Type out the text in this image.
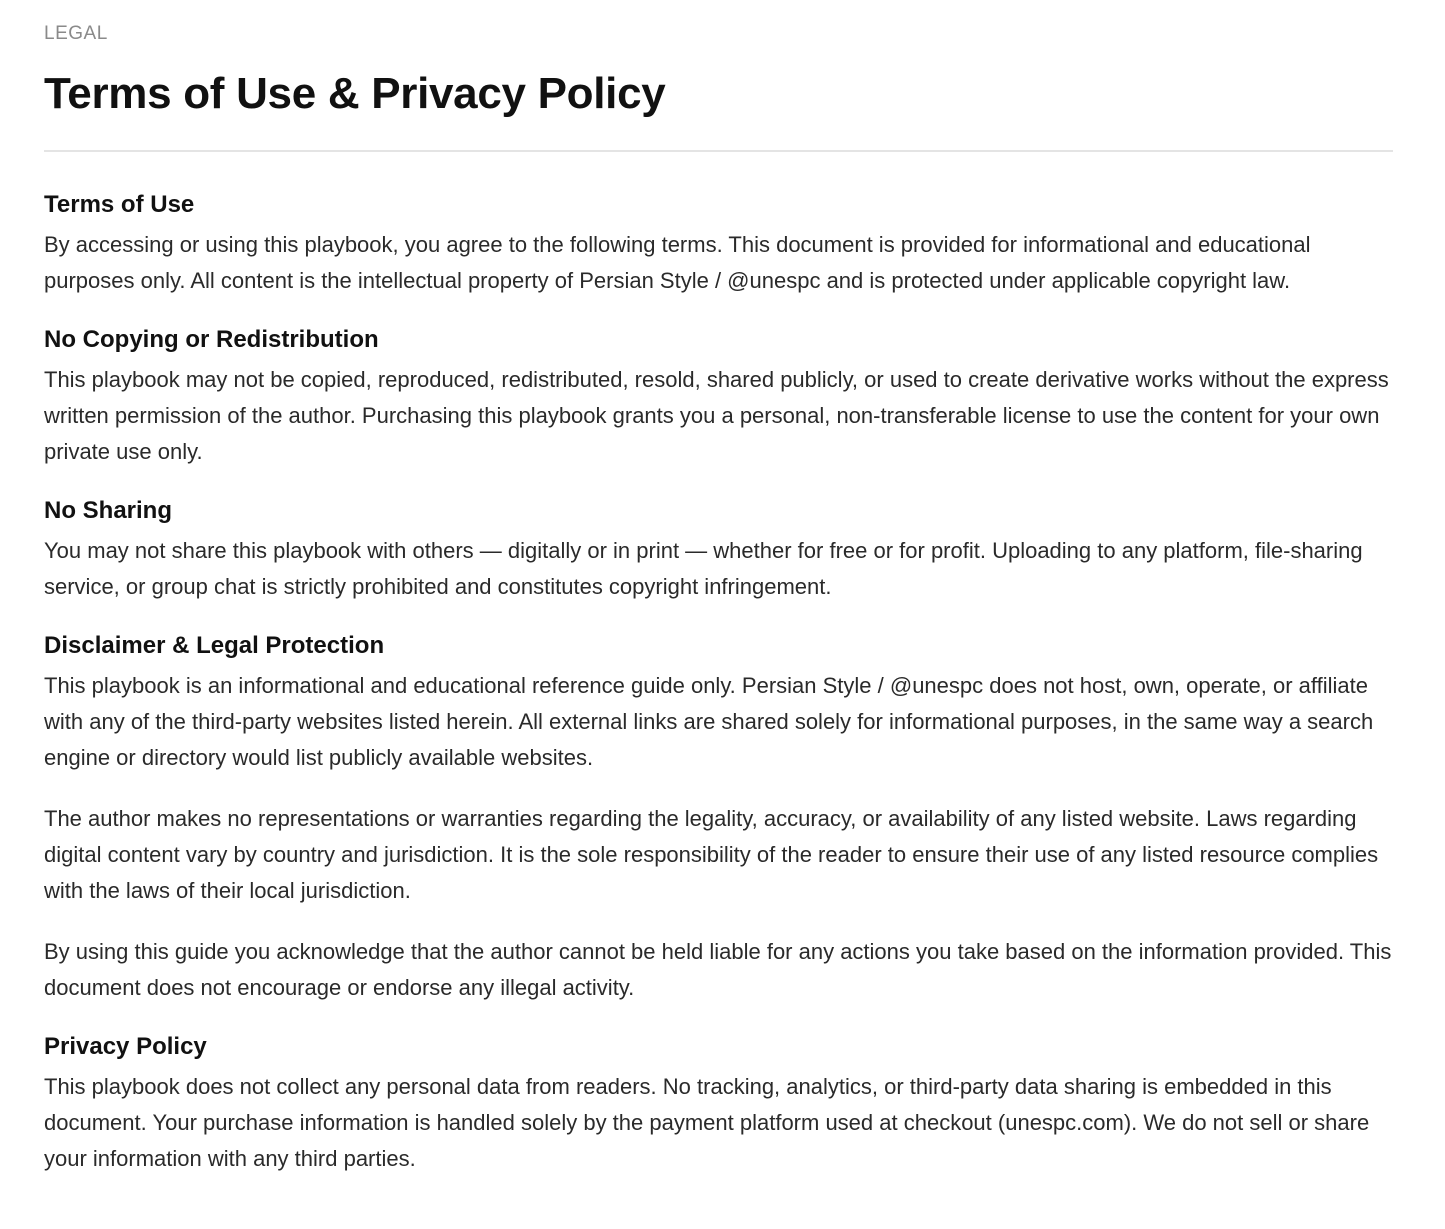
LEGAL

Terms of Use & Privacy Policy
Terms of Use

By accessing or using this playbook, you agree to the following terms. This document is provided for informational and educational purposes only. All content is the intellectual property of Persian Style / @unespc and is protected under applicable copyright law.

No Copying or Redistribution

This playbook may not be copied, reproduced, redistributed, resold, shared publicly, or used to create derivative works without the express written permission of the author. Purchasing this playbook grants you a personal, non-transferable license to use the content for your own private use only.

No Sharing

You may not share this playbook with others — digitally or in print — whether for free or for profit. Uploading to any platform, file-sharing service, or group chat is strictly prohibited and constitutes copyright infringement.

Disclaimer & Legal Protection

This playbook is an informational and educational reference guide only. Persian Style / @unespc does not host, own, operate, or affiliate with any of the third-party websites listed herein. All external links are shared solely for informational purposes, in the same way a search engine or directory would list publicly available websites.

The author makes no representations or warranties regarding the legality, accuracy, or availability of any listed website. Laws regarding digital content vary by country and jurisdiction. It is the sole responsibility of the reader to ensure their use of any listed resource complies with the laws of their local jurisdiction.

By using this guide you acknowledge that the author cannot be held liable for any actions you take based on the information provided. This document does not encourage or endorse any illegal activity.

Privacy Policy

This playbook does not collect any personal data from readers. No tracking, analytics, or third-party data sharing is embedded in this document. Your purchase information is handled solely by the payment platform used at checkout (unespc.com). We do not sell or share your information with any third parties.
